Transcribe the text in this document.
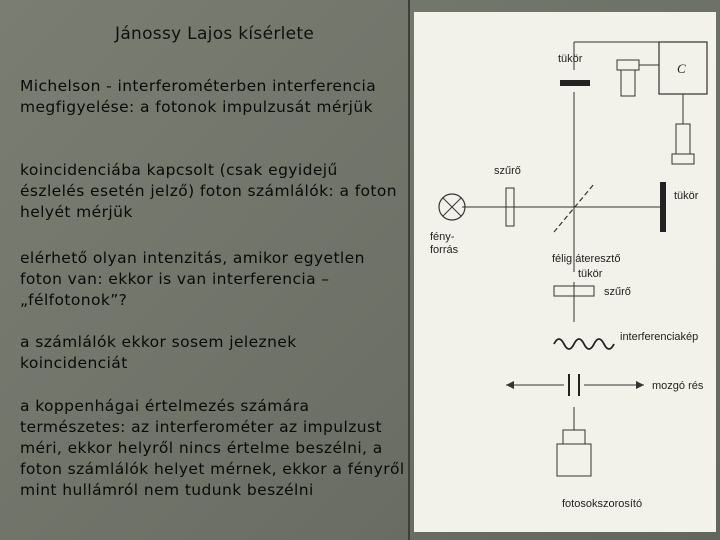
Jánossy Lajos kísérlete

Michelson - interferométerben interferencia megfigyelése: a fotonok impulzusát mérjük

koincidenciába kapcsolt (csak egyidejű észlelés esetén jelző) foton számlálók: a foton helyét mérjük

elérhető olyan intenzitás, amikor egyetlen foton van: ekkor is van interferencia – „félfotonok”?

a számlálók ekkor sosem jeleznek koincidenciát

a koppenhágai értelmezés számára természetes: az interferométer az impulzust méri, ekkor helyről nincs értelme beszélni, a foton számlálók helyet mérnek, ekkor a fényről mint hullámról nem tudunk beszélni

tükör
C
fény-
forrás
szűrő
félig áteresztő
tükör
tükör
szűrő
interferenciakép
mozgó rés
fotosokszorosító
